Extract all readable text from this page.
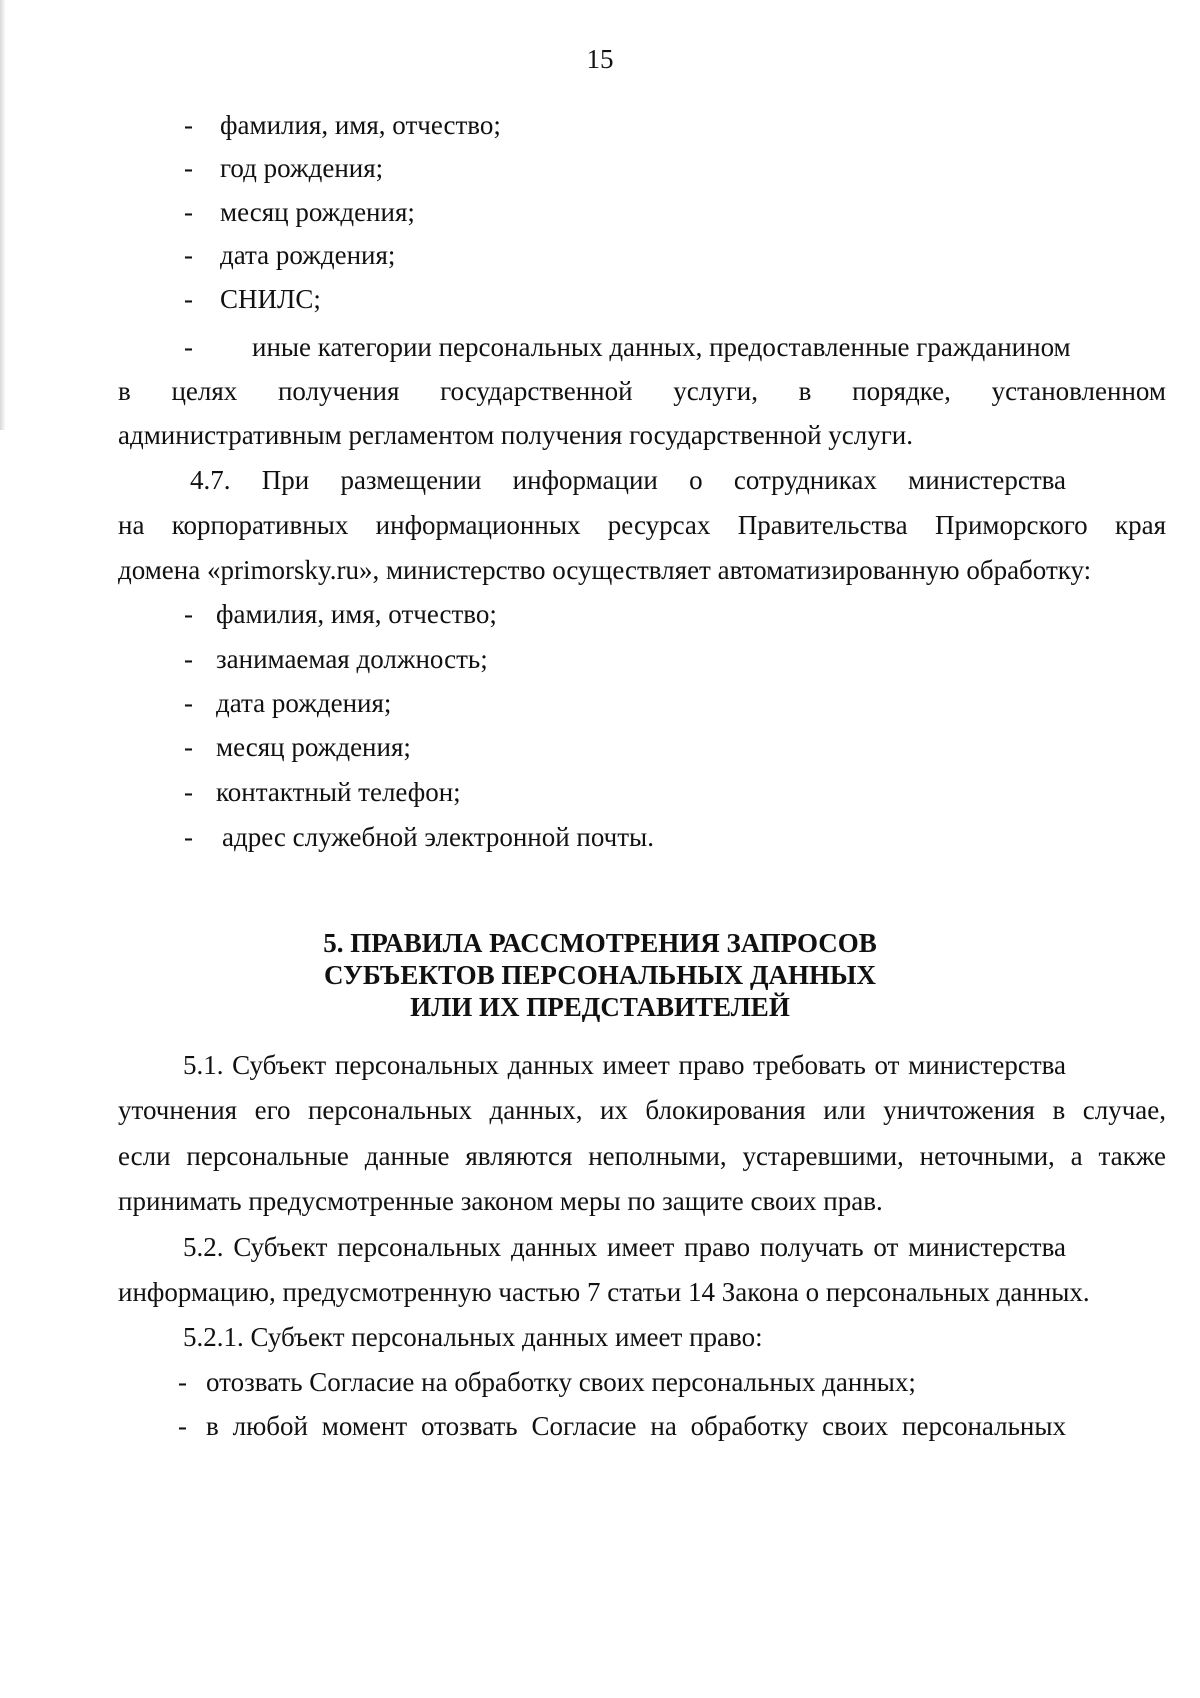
15
- фамилия, имя, отчество;
- год рождения;
- месяц рождения;
- дата рождения;
- СНИЛС;
- иные категории персональных данных, предоставленные гражданином
в целях получения государственной услуги, в порядке, установленном
административным регламентом получения государственной услуги.
4.7. При размещении информации о сотрудниках министерства
на корпоративных информационных ресурсах Правительства Приморского края
домена «primorsky.ru», министерство осуществляет автоматизированную обработку:
- фамилия, имя, отчество;
- занимаемая должность;
- дата рождения;
- месяц рождения;
- контактный телефон;
- адрес служебной электронной почты.
5. ПРАВИЛА РАССМОТРЕНИЯ ЗАПРОСОВ
СУБЪЕКТОВ ПЕРСОНАЛЬНЫХ ДАННЫХ
ИЛИ ИХ ПРЕДСТАВИТЕЛЕЙ
5.1. Субъект персональных данных имеет право требовать от министерства
уточнения его персональных данных, их блокирования или уничтожения в случае,
если персональные данные являются неполными, устаревшими, неточными, а также
принимать предусмотренные законом меры по защите своих прав.
5.2. Субъект персональных данных имеет право получать от министерства
информацию, предусмотренную частью 7 статьи 14 Закона о персональных данных.
5.2.1. Субъект персональных данных имеет право:
- отозвать Согласие на обработку своих персональных данных;
- в любой момент отозвать Согласие на обработку своих персональных
